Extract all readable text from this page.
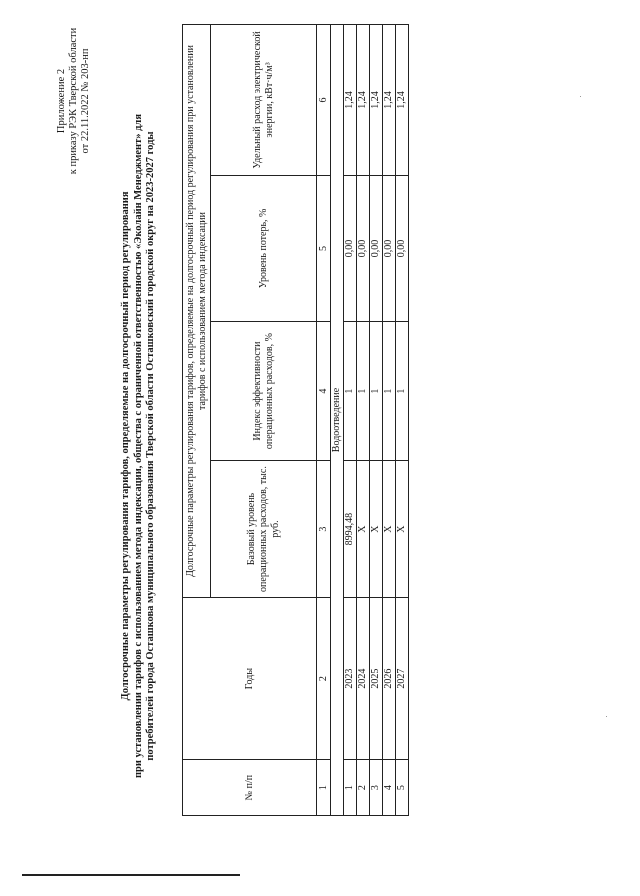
Приложение 2 к приказу РЭК Тверской области от 22.11.2022 № 203-нп
Долгосрочные параметры регулирования тарифов, определяемые на долгосрочный период регулирования при установлении тарифов с использованием метода индексации, общества с ограниченной ответственностью «Эколайн Менеджмент» для потребителей города Осташкова муниципального образования Тверской области Осташковский городской округ на 2023-2027 годы
№ п/п	Годы	Долгосрочные параметры регулирования тарифов, определяемые на долгосрочный период регулирования при установлении тарифов с использованием метода индексации			
		Базовый уровень операционных расходов, тыс. руб.	Индекс эффективности операционных расходов, %	Уровень потерь, %	Удельный расход электрической энергии, кВт·ч/м³
1	2	3	4	5	6
Водоотведение					
1	2023	8994,48	1	0,00	1,24
2	2024	X	1	0,00	1,24
3	2025	X	1	0,00	1,24
4	2026	X	1	0,00	1,24
5	2027	X	1	0,00	1,24
